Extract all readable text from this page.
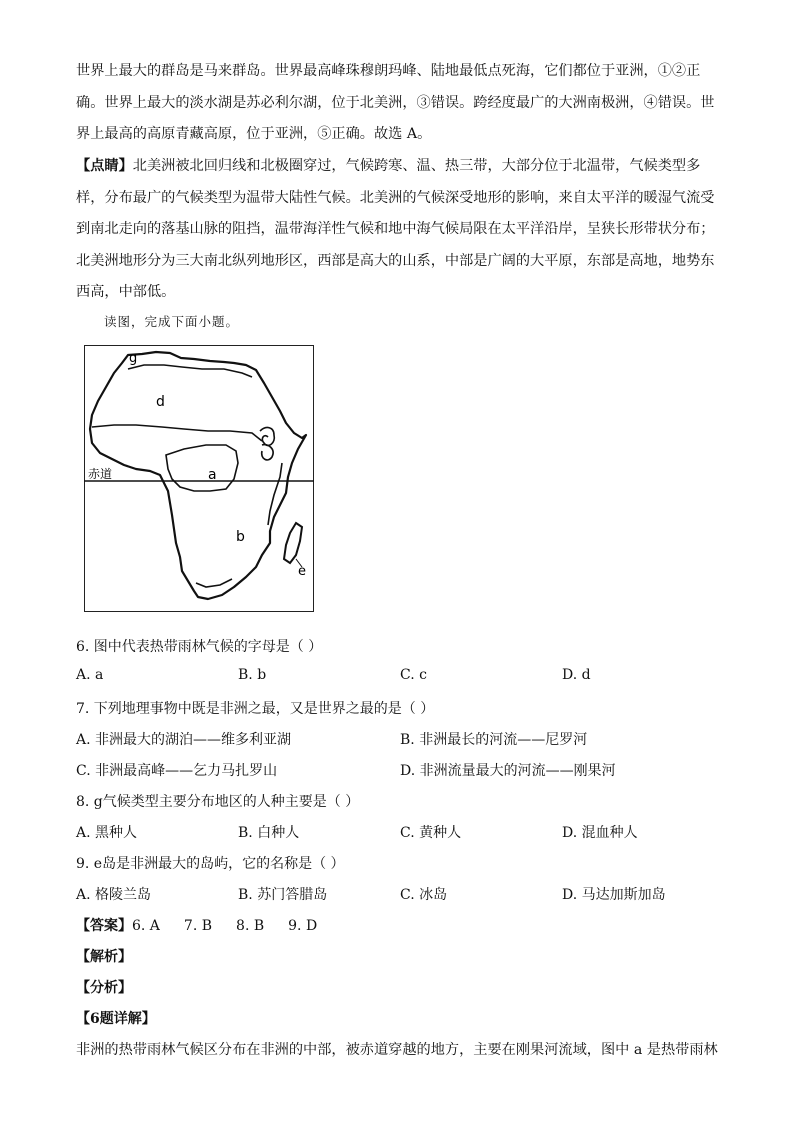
世界上最大的群岛是马来群岛。世界最高峰珠穆朗玛峰、陆地最低点死海，它们都位于亚洲，①②正

确。世界上最大的淡水湖是苏必利尔湖，位于北美洲，③错误。跨经度最广的大洲南极洲，④错误。世

界上最高的高原青藏高原，位于亚洲，⑤正确。故选 A。

【点睛】北美洲被北回归线和北极圈穿过，气候跨寒、温、热三带，大部分位于北温带，气候类型多

样，分布最广的气候类型为温带大陆性气候。北美洲的气候深受地形的影响，来自太平洋的暖湿气流受

到南北走向的落基山脉的阻挡，温带海洋性气候和地中海气候局限在太平洋沿岸，呈狭长形带状分布；

北美洲地形分为三大南北纵列地形区，西部是高大的山系，中部是广阔的大平原，东部是高地，地势东

西高，中部低。

读图，完成下面小题。
赤道
g
d
a
b
e
6. 图中代表热带雨林气候的字母是（ ）
A. a	B. b	C. c	D. d
7. 下列地理事物中既是非洲之最，又是世界之最的是（ ）
A. 非洲最大的湖泊——维多利亚湖	B. 非洲最长的河流——尼罗河
C. 非洲最高峰——乞力马扎罗山	D. 非洲流量最大的河流——刚果河
8. g气候类型主要分布地区的人种主要是（ ）
A. 黑种人	B. 白种人	C. 黄种人	D. 混血种人
9. e岛是非洲最大的岛屿，它的名称是（ ）
A. 格陵兰岛	B. 苏门答腊岛	C. 冰岛	D. 马达加斯加岛
【答案】6. A 7. B 8. B 9. D
【解析】
【分析】
【6题详解】
非洲的热带雨林气候区分布在非洲的中部，被赤道穿越的地方，主要在刚果河流域，图中 a 是热带雨林
